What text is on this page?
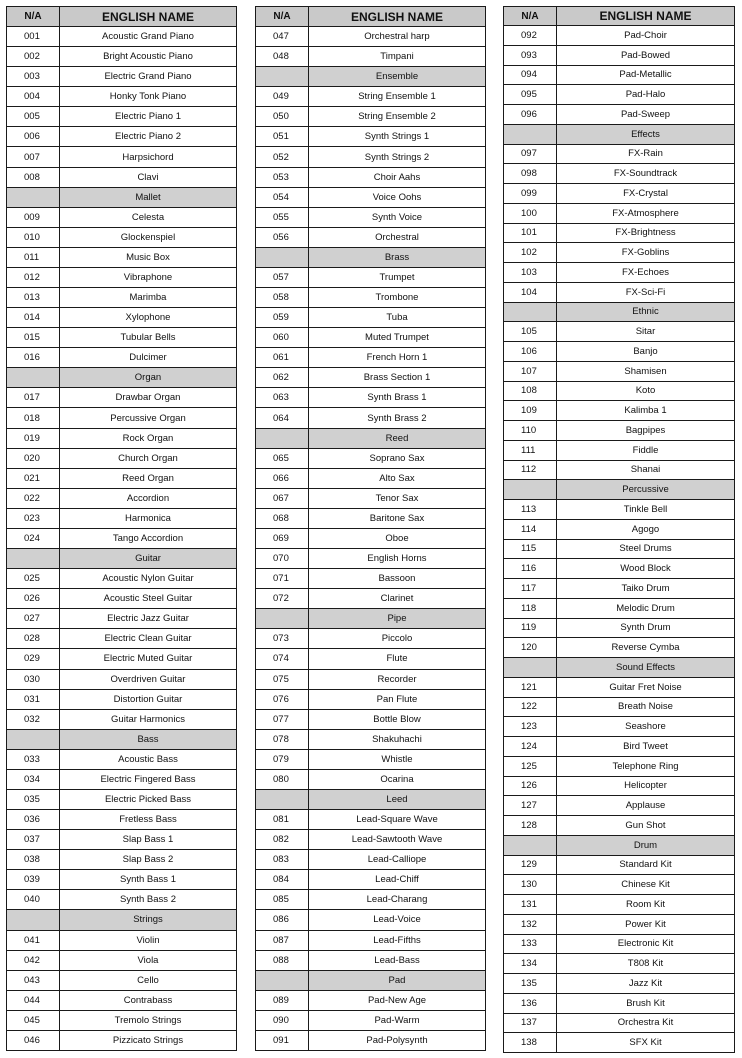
N/A	ENGLISH NAME
001	Acoustic Grand Piano
002	Bright Acoustic Piano
003	Electric Grand Piano
004	Honky Tonk Piano
005	Electric Piano 1
006	Electric Piano 2
007	Harpsichord
008	Clavi
	Mallet
009	Celesta
010	Glockenspiel
011	Music Box
012	Vibraphone
013	Marimba
014	Xylophone
015	Tubular Bells
016	Dulcimer
	Organ
017	Drawbar Organ
018	Percussive Organ
019	Rock Organ
020	Church Organ
021	Reed Organ
022	Accordion
023	Harmonica
024	Tango Accordion
	Guitar
025	Acoustic Nylon Guitar
026	Acoustic Steel Guitar
027	Electric Jazz Guitar
028	Electric Clean Guitar
029	Electric Muted Guitar
030	Overdriven Guitar
031	Distortion Guitar
032	Guitar Harmonics
	Bass
033	Acoustic Bass
034	Electric Fingered Bass
035	Electric Picked Bass
036	Fretless Bass
037	Slap Bass 1
038	Slap Bass 2
039	Synth Bass 1
040	Synth Bass 2
	Strings
041	Violin
042	Viola
043	Cello
044	Contrabass
045	Tremolo Strings
046	Pizzicato Strings
N/A	ENGLISH NAME
047	Orchestral harp
048	Timpani
	Ensemble
049	String Ensemble 1
050	String Ensemble 2
051	Synth Strings 1
052	Synth Strings 2
053	Choir Aahs
054	Voice Oohs
055	Synth Voice
056	Orchestral
	Brass
057	Trumpet
058	Trombone
059	Tuba
060	Muted Trumpet
061	French Horn 1
062	Brass Section 1
063	Synth Brass 1
064	Synth Brass 2
	Reed
065	Soprano Sax
066	Alto Sax
067	Tenor Sax
068	Baritone Sax
069	Oboe
070	English Horns
071	Bassoon
072	Clarinet
	Pipe
073	Piccolo
074	Flute
075	Recorder
076	Pan Flute
077	Bottle Blow
078	Shakuhachi
079	Whistle
080	Ocarina
	Leed
081	Lead-Square Wave
082	Lead-Sawtooth Wave
083	Lead-Calliope
084	Lead-Chiff
085	Lead-Charang
086	Lead-Voice
087	Lead-Fifths
088	Lead-Bass
	Pad
089	Pad-New Age
090	Pad-Warm
091	Pad-Polysynth
N/A	ENGLISH NAME
092	Pad-Choir
093	Pad-Bowed
094	Pad-Metallic
095	Pad-Halo
096	Pad-Sweep
	Effects
097	FX-Rain
098	FX-Soundtrack
099	FX-Crystal
100	FX-Atmosphere
101	FX-Brightness
102	FX-Goblins
103	FX-Echoes
104	FX-Sci-Fi
	Ethnic
105	Sitar
106	Banjo
107	Shamisen
108	Koto
109	Kalimba 1
110	Bagpipes
111	Fiddle
112	Shanai
	Percussive
113	Tinkle Bell
114	Agogo
115	Steel Drums
116	Wood Block
117	Taiko Drum
118	Melodic Drum
119	Synth Drum
120	Reverse Cymba
	Sound Effects
121	Guitar Fret Noise
122	Breath Noise
123	Seashore
124	Bird Tweet
125	Telephone Ring
126	Helicopter
127	Applause
128	Gun Shot
	Drum
129	Standard Kit
130	Chinese Kit
131	Room Kit
132	Power Kit
133	Electronic Kit
134	T808 Kit
135	Jazz Kit
136	Brush Kit
137	Orchestra Kit
138	SFX Kit
